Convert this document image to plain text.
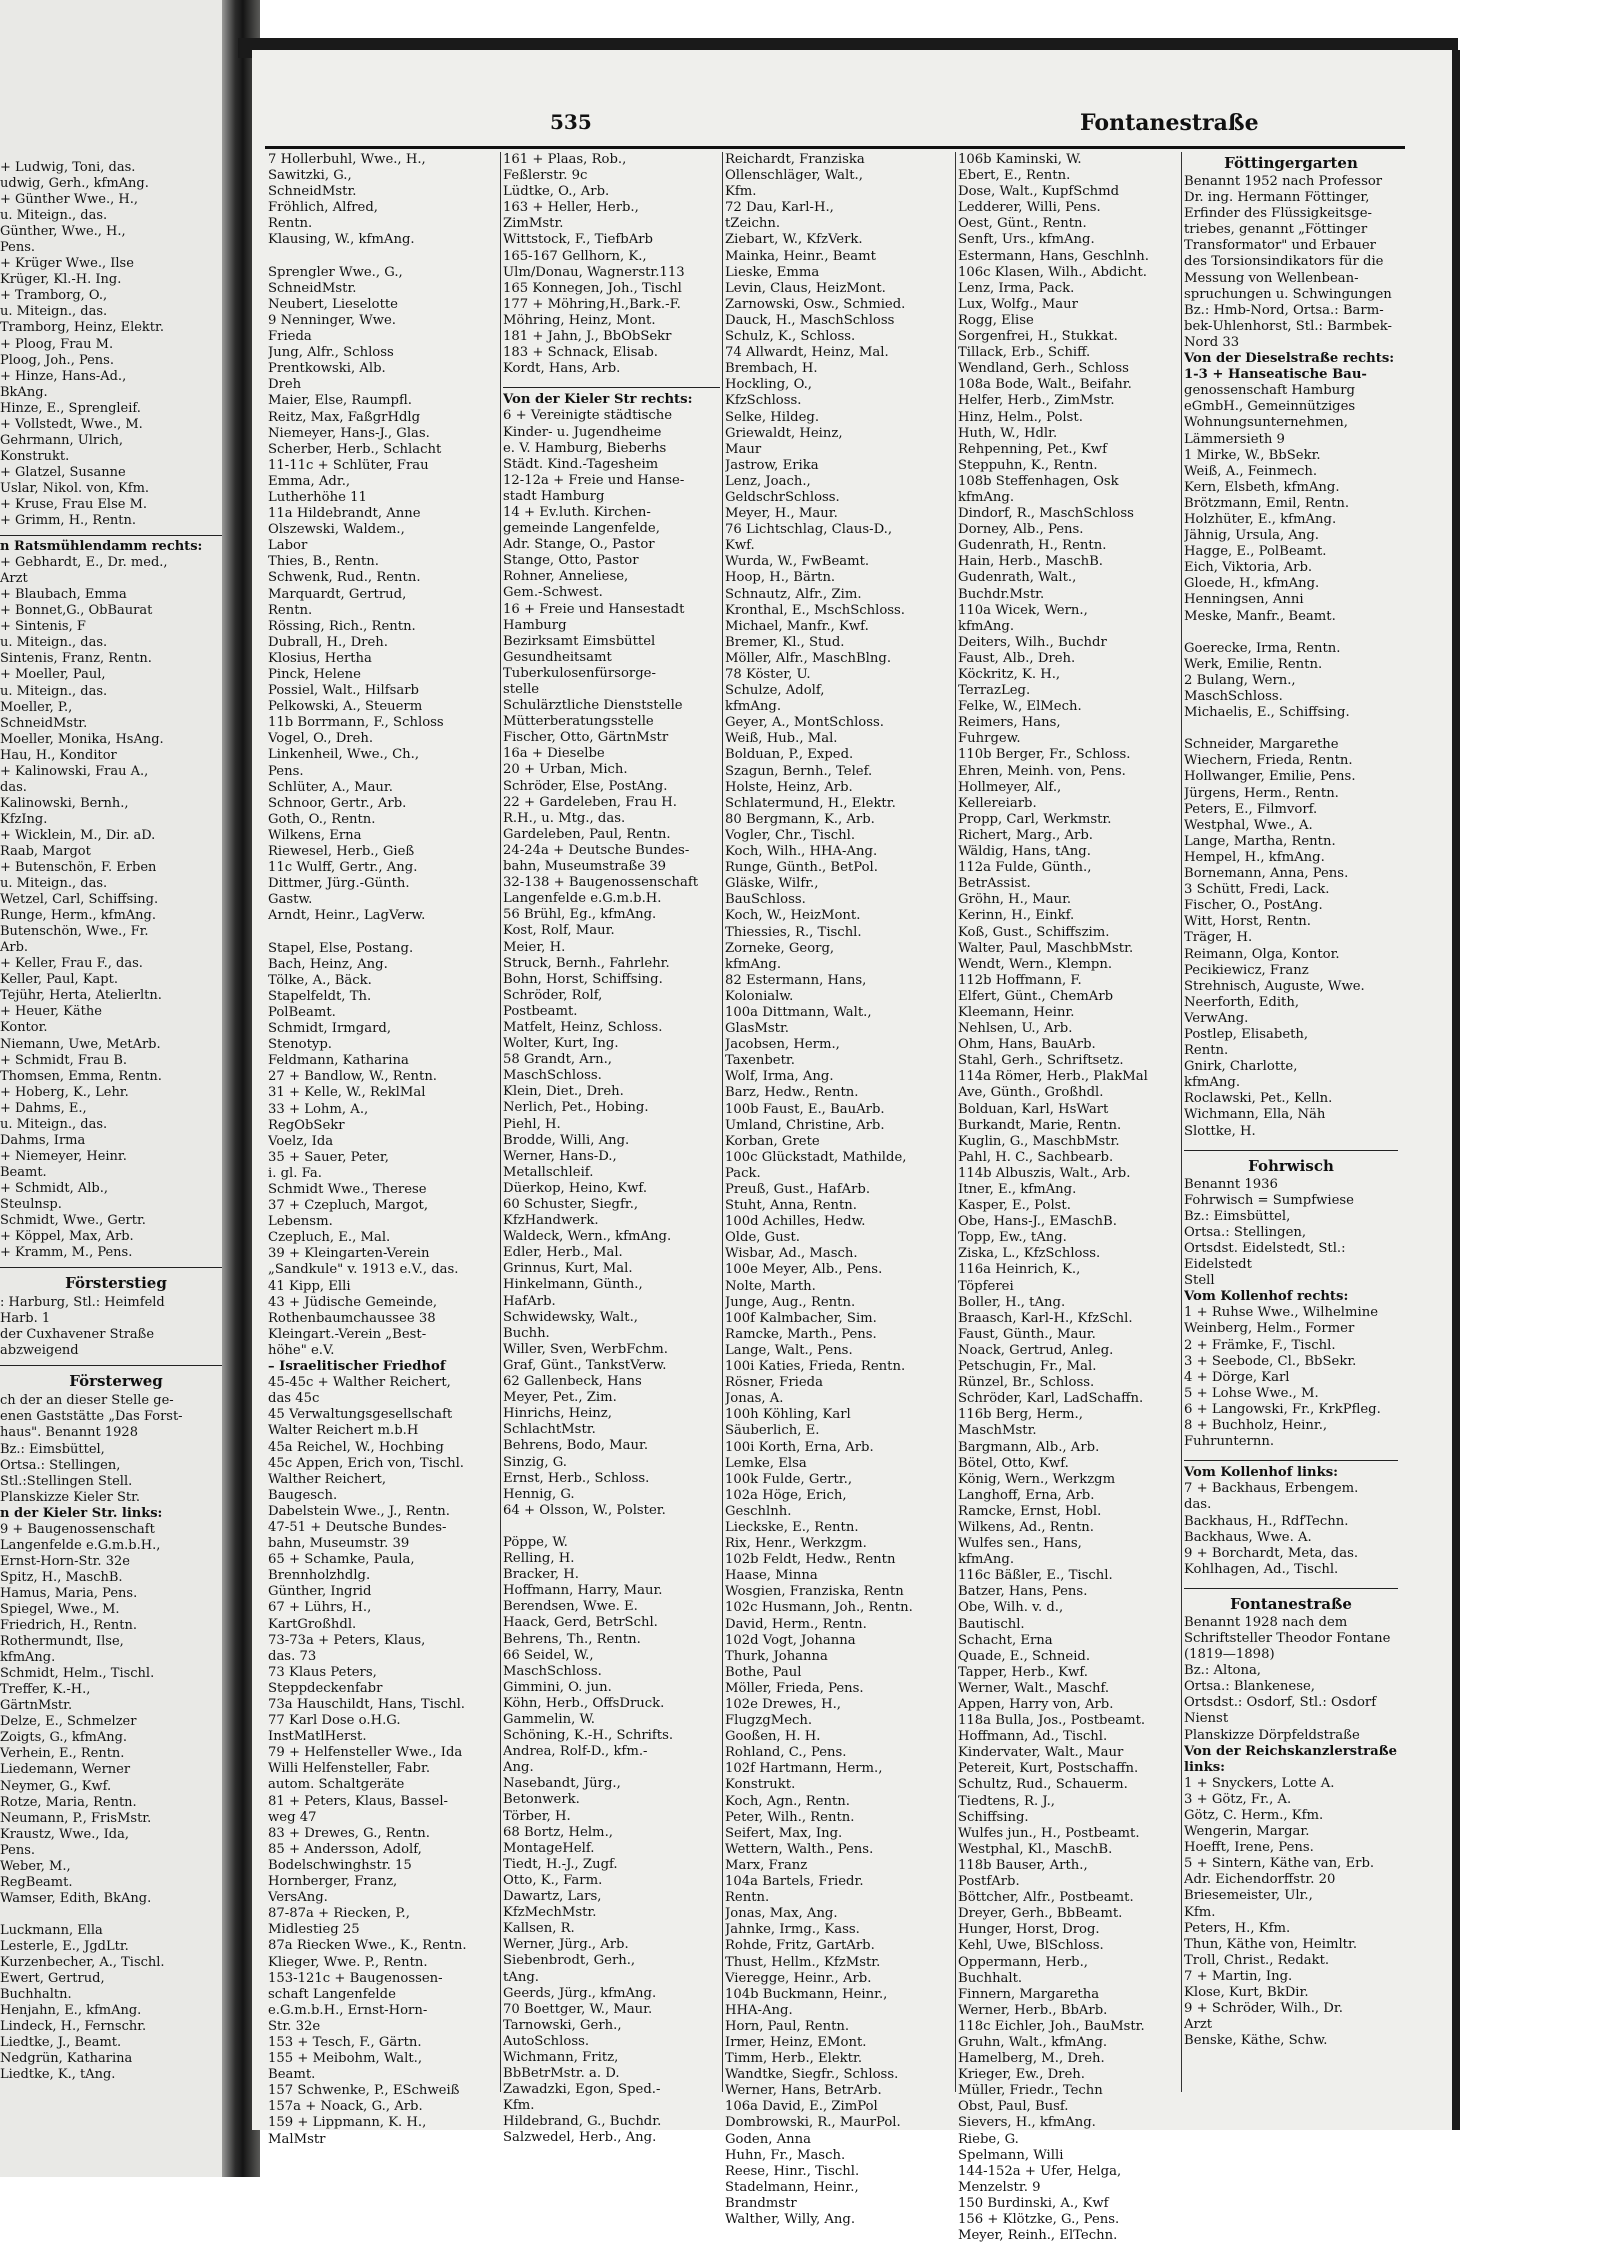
+ Ludwig, Toni, das.
udwig, Gerh., kfmAng.
+ Günther Wwe., H.,
u. Miteign., das.
Günther, Wwe., H.,
Pens.
+ Krüger Wwe., Ilse
Krüger, Kl.-H. Ing.
+ Tramborg, O.,
u. Miteign., das.
Tramborg, Heinz, Elektr.
+ Ploog, Frau M.
Ploog, Joh., Pens.
+ Hinze, Hans-Ad.,
BkAng.
Hinze, E., Sprengleif.
+ Vollstedt, Wwe., M.
Gehrmann, Ulrich,
Konstrukt.
+ Glatzel, Susanne
Uslar, Nikol. von, Kfm.
+ Kruse, Frau Else M.
+ Grimm, H., Rentn.
n Ratsmühlendamm rechts:
+ Gebhardt, E., Dr. med.,
Arzt
+ Blaubach, Emma
+ Bonnet,G., ObBaurat
+ Sintenis, F
u. Miteign., das.
Sintenis, Franz, Rentn.
+ Moeller, Paul,
u. Miteign., das.
Moeller, P.,
SchneidMstr.
Moeller, Monika, HsAng.
Hau, H., Konditor
+ Kalinowski, Frau A.,
das.
Kalinowski, Bernh.,
KfzIng.
+ Wicklein, M., Dir. aD.
Raab, Margot
+ Butenschön, F. Erben
u. Miteign., das.
Wetzel, Carl, Schiffsing.
Runge, Herm., kfmAng.
Butenschön, Wwe., Fr.
Arb.
+ Keller, Frau F., das.
Keller, Paul, Kapt.
Tejühr, Herta, Atelierltn.
+ Heuer, Käthe
Kontor.
Niemann, Uwe, MetArb.
+ Schmidt, Frau B.
Thomsen, Emma, Rentn.
+ Hoberg, K., Lehr.
+ Dahms, E.,
u. Miteign., das.
Dahms, Irma
+ Niemeyer, Heinr.
Beamt.
+ Schmidt, Alb.,
Steulnsp.
Schmidt, Wwe., Gertr.
+ Köppel, Max, Arb.
+ Kramm, M., Pens.
Försterstieg
: Harburg, Stl.: Heimfeld
Harb. 1
der Cuxhavener Straße
abzweigend
Försterweg
ch der an dieser Stelle ge-
enen Gaststätte „Das Forst-
haus". Benannt 1928
Bz.: Eimsbüttel,
Ortsa.: Stellingen,
Stl.:Stellingen Stell.
Planskizze Kieler Str.
n der Kieler Str. links:
9 + Baugenossenschaft
Langenfelde e.G.m.b.H.,
Ernst-Horn-Str. 32e
Spitz, H., MaschB.
Hamus, Maria, Pens.
Spiegel, Wwe., M.
Friedrich, H., Rentn.
Rothermundt, Ilse,
kfmAng.
Schmidt, Helm., Tischl.
Treffer, K.-H.,
GärtnMstr.
Delze, E., Schmelzer
Zoigts, G., kfmAng.
Verhein, E., Rentn.
Liedemann, Werner
Neymer, G., Kwf.
Rotze, Maria, Rentn.
Neumann, P., FrisMstr.
Kraustz, Wwe., Ida,
Pens.
Weber, M.,
RegBeamt.
Wamser, Edith, BkAng.
Luckmann, Ella
Lesterle, E., JgdLtr.
Kurzenbecher, A., Tischl.
Ewert, Gertrud,
Buchhaltn.
Henjahn, E., kfmAng.
Lindeck, H., Fernschr.
Liedtke, J., Beamt.
Nedgrün, Katharina
Liedtke, K., tAng.
535	Fontanestraße
7 Hollerbuhl, Wwe., H.,
Sawitzki, G.,
SchneidMstr.
Fröhlich, Alfred,
Rentn.
Klausing, W., kfmAng.
Sprengler Wwe., G.,
SchneidMstr.
Neubert, Lieselotte
9 Nenninger, Wwe.
Frieda
Jung, Alfr., Schloss
Prentkowski, Alb.
Dreh
Maier, Else, Raumpfl.
Reitz, Max, FaßgrHdlg
Niemeyer, Hans-J., Glas.
Scherber, Herb., Schlacht
11-11c + Schlüter, Frau
Emma, Adr.,
Lutherhöhe 11
11a Hildebrandt, Anne
Olszewski, Waldem.,
Labor
Thies, B., Rentn.
Schwenk, Rud., Rentn.
Marquardt, Gertrud,
Rentn.
Rössing, Rich., Rentn.
Dubrall, H., Dreh.
Klosius, Hertha
Pinck, Helene
Possiel, Walt., Hilfsarb
Pelkowski, A., Steuerm
11b Borrmann, F., Schloss
Vogel, O., Dreh.
Linkenheil, Wwe., Ch.,
Pens.
Schlüter, A., Maur.
Schnoor, Gertr., Arb.
Goth, O., Rentn.
Wilkens, Erna
Riewesel, Herb., Gieß
11c Wulff, Gertr., Ang.
Dittmer, Jürg.-Günth.
Gastw.
Arndt, Heinr., LagVerw.
Stapel, Else, Postang.
Bach, Heinz, Ang.
Tölke, A., Bäck.
Stapelfeldt, Th.
PolBeamt.
Schmidt, Irmgard,
Stenotyp.
Feldmann, Katharina
27 + Bandlow, W., Rentn.
31 + Kelle, W., ReklMal
33 + Lohm, A.,
RegObSekr
Voelz, Ida
35 + Sauer, Peter,
i. gl. Fa.
Schmidt Wwe., Therese
37 + Czepluch, Margot,
Lebensm.
Czepluch, E., Mal.
39 + Kleingarten-Verein
„Sandkule" v. 1913 e.V., das.
41 Kipp, Elli
43 + Jüdische Gemeinde,
Rothenbaumchaussee 38
Kleingart.-Verein „Best-
höhe" e.V.
– Israelitischer Friedhof
45-45c + Walther Reichert,
das 45c
45 Verwaltungsgesellschaft
Walter Reichert m.b.H
45a Reichel, W., Hochbing
45c Appen, Erich von, Tischl.
Walther Reichert,
Baugesch.
Dabelstein Wwe., J., Rentn.
47-51 + Deutsche Bundes-
bahn, Museumstr. 39
65 + Schamke, Paula,
Brennholzhdlg.
Günther, Ingrid
67 + Lührs, H.,
KartGroßhdl.
73-73a + Peters, Klaus,
das. 73
73 Klaus Peters,
Steppdeckenfabr
73a Hauschildt, Hans, Tischl.
77 Karl Dose o.H.G.
InstMatlHerst.
79 + Helfensteller Wwe., Ida
Willi Helfensteller, Fabr.
autom. Schaltgeräte
81 + Peters, Klaus, Bassel-
weg 47
83 + Drewes, G., Rentn.
85 + Andersson, Adolf,
Bodelschwinghstr. 15
Hornberger, Franz,
VersAng.
87-87a + Riecken, P.,
Midlestieg 25
87a Riecken Wwe., K., Rentn.
Klieger, Wwe. P., Rentn.
153-121c + Baugenossen-
schaft Langenfelde
e.G.m.b.H., Ernst-Horn-
Str. 32e
153 + Tesch, F., Gärtn.
155 + Meibohm, Walt.,
Beamt.
157 Schwenke, P., ESchweiß
157a + Noack, G., Arb.
159 + Lippmann, K. H.,
MalMstr
161 + Plaas, Rob.,
Feßlerstr. 9c
Lüdtke, O., Arb.
163 + Heller, Herb.,
ZimMstr.
Wittstock, F., TiefbArb
165-167 Gellhorn, K.,
Ulm/Donau, Wagnerstr.113
165 Konnegen, Joh., Tischl
177 + Möhring,H.,Bark.-F.
Möhring, Heinz, Mont.
181 + Jahn, J., BbObSekr
183 + Schnack, Elisab.
Kordt, Hans, Arb.
Von der Kieler Str rechts:
6 + Vereinigte städtische
Kinder- u. Jugendheime
e. V. Hamburg, Bieberhs
Städt. Kind.-Tagesheim
12-12a + Freie und Hanse-
stadt Hamburg
14 + Ev.luth. Kirchen-
gemeinde Langenfelde,
Adr. Stange, O., Pastor
Stange, Otto, Pastor
Rohner, Anneliese,
Gem.-Schwest.
16 + Freie und Hansestadt
Hamburg
Bezirksamt Eimsbüttel
Gesundheitsamt
Tuberkulosenfürsorge-
stelle
Schulärztliche Dienststelle
Mütterberatungsstelle
Fischer, Otto, GärtnMstr
16a + Dieselbe
20 + Urban, Mich.
Schröder, Else, PostAng.
22 + Gardeleben, Frau H.
R.H., u. Mtg., das.
Gardeleben, Paul, Rentn.
24-24a + Deutsche Bundes-
bahn, Museumstraße 39
32-138 + Baugenossenschaft
Langenfelde e.G.m.b.H.
56 Brühl, Eg., kfmAng.
Kost, Rolf, Maur.
Meier, H.
Struck, Bernh., Fahrlehr.
Bohn, Horst, Schiffsing.
Schröder, Rolf,
Postbeamt.
Matfelt, Heinz, Schloss.
Wolter, Kurt, Ing.
58 Grandt, Arn.,
MaschSchloss.
Klein, Diet., Dreh.
Nerlich, Pet., Hobing.
Piehl, H.
Brodde, Willi, Ang.
Werner, Hans-D.,
Metallschleif.
Düerkop, Heino, Kwf.
60 Schuster, Siegfr.,
KfzHandwerk.
Waldeck, Wern., kfmAng.
Edler, Herb., Mal.
Grinnus, Kurt, Mal.
Hinkelmann, Günth.,
HafArb.
Schwidewsky, Walt.,
Buchh.
Willer, Sven, WerbFchm.
Graf, Günt., TankstVerw.
62 Gallenbeck, Hans
Meyer, Pet., Zim.
Hinrichs, Heinz,
SchlachtMstr.
Behrens, Bodo, Maur.
Sinzig, G.
Ernst, Herb., Schloss.
Hennig, G.
64 + Olsson, W., Polster.
Pöppe, W.
Relling, H.
Bracker, H.
Hoffmann, Harry, Maur.
Berendsen, Wwe. E.
Haack, Gerd, BetrSchl.
Behrens, Th., Rentn.
66 Seidel, W.,
MaschSchloss.
Gimmini, O. jun.
Köhn, Herb., OffsDruck.
Gammelin, W.
Schöning, K.-H., Schrifts.
Andrea, Rolf-D., kfm.-
Ang.
Nasebandt, Jürg.,
Betonwerk.
Törber, H.
68 Bortz, Helm.,
MontageHelf.
Tiedt, H.-J., Zugf.
Otto, K., Farm.
Dawartz, Lars,
KfzMechMstr.
Kallsen, R.
Werner, Jürg., Arb.
Siebenbrodt, Gerh.,
tAng.
Geerds, Jürg., kfmAng.
70 Boettger, W., Maur.
Tarnowski, Gerh.,
AutoSchloss.
Wichmann, Fritz,
BbBetrMstr. a. D.
Zawadzki, Egon, Sped.-
Kfm.
Hildebrand, G., Buchdr.
Salzwedel, Herb., Ang.
Reichardt, Franziska
Ollenschläger, Walt.,
Kfm.
72 Dau, Karl-H.,
tZeichn.
Ziebart, W., KfzVerk.
Mainka, Heinr., Beamt
Lieske, Emma
Levin, Claus, HeizMont.
Zarnowski, Osw., Schmied.
Dauck, H., MaschSchloss
Schulz, K., Schloss.
74 Allwardt, Heinz, Mal.
Brembach, H.
Hockling, O.,
KfzSchloss.
Selke, Hildeg.
Griewaldt, Heinz,
Maur
Jastrow, Erika
Lenz, Joach.,
GeldschrSchloss.
Meyer, H., Maur.
76 Lichtschlag, Claus-D.,
Kwf.
Wurda, W., FwBeamt.
Hoop, H., Bärtn.
Schnautz, Alfr., Zim.
Kronthal, E., MschSchloss.
Michael, Manfr., Kwf.
Bremer, Kl., Stud.
Möller, Alfr., MaschBlng.
78 Köster, U.
Schulze, Adolf,
kfmAng.
Geyer, A., MontSchloss.
Weiß, Hub., Mal.
Bolduan, P., Exped.
Szagun, Bernh., Telef.
Holste, Heinz, Arb.
Schlatermund, H., Elektr.
80 Bergmann, K., Arb.
Vogler, Chr., Tischl.
Koch, Wilh., HHA-Ang.
Runge, Günth., BetPol.
Gläske, Wilfr.,
BauSchloss.
Koch, W., HeizMont.
Thiessies, R., Tischl.
Zorneke, Georg,
kfmAng.
82 Estermann, Hans,
Kolonialw.
100a Dittmann, Walt.,
GlasMstr.
Jacobsen, Herm.,
Taxenbetr.
Wolf, Irma, Ang.
Barz, Hedw., Rentn.
100b Faust, E., BauArb.
Umland, Christine, Arb.
Korban, Grete
100c Glückstadt, Mathilde,
Pack.
Preuß, Gust., HafArb.
Stuht, Anna, Rentn.
100d Achilles, Hedw.
Olde, Gust.
Wisbar, Ad., Masch.
100e Meyer, Alb., Pens.
Nolte, Marth.
Junge, Aug., Rentn.
100f Kalmbacher, Sim.
Ramcke, Marth., Pens.
Lange, Walt., Pens.
100i Katies, Frieda, Rentn.
Rösner, Frieda
Jonas, A.
100h Köhling, Karl
Säuberlich, E.
100i Korth, Erna, Arb.
Lemke, Elsa
100k Fulde, Gertr.,
102a Höge, Erich,
Geschlnh.
Lieckske, E., Rentn.
Rix, Henr., Werkzgm.
102b Feldt, Hedw., Rentn
Haase, Minna
Wosgien, Franziska, Rentn
102c Husmann, Joh., Rentn.
David, Herm., Rentn.
102d Vogt, Johanna
Thurk, Johanna
Bothe, Paul
Möller, Frieda, Pens.
102e Drewes, H.,
FlugzgMech.
Gooßen, H. H.
Rohland, C., Pens.
102f Hartmann, Herm.,
Konstrukt.
Koch, Agn., Rentn.
Peter, Wilh., Rentn.
Seifert, Max, Ing.
Wettern, Walth., Pens.
Marx, Franz
104a Bartels, Friedr.
Rentn.
Jonas, Max, Ang.
Jahnke, Irmg., Kass.
Rohde, Fritz, GartArb.
Thust, Hellm., KfzMstr.
Vieregge, Heinr., Arb.
104b Buckmann, Heinr.,
HHA-Ang.
Horn, Paul, Rentn.
Irmer, Heinz, EMont.
Timm, Herb., Elektr.
Wandtke, Siegfr., Schloss.
Werner, Hans, BetrArb.
106a David, E., ZimPol
Dombrowski, R., MaurPol.
Goden, Anna
Huhn, Fr., Masch.
Reese, Hinr., Tischl.
Stadelmann, Heinr.,
Brandmstr
Walther, Willy, Ang.
106b Kaminski, W.
Ebert, E., Rentn.
Dose, Walt., KupfSchmd
Ledderer, Willi, Pens.
Oest, Günt., Rentn.
Senft, Urs., kfmAng.
Estermann, Hans, Geschlnh.
106c Klasen, Wilh., Abdicht.
Lenz, Irma, Pack.
Lux, Wolfg., Maur
Rogg, Elise
Sorgenfrei, H., Stukkat.
Tillack, Erb., Schiff.
Wendland, Gerh., Schloss
108a Bode, Walt., Beifahr.
Helfer, Herb., ZimMstr.
Hinz, Helm., Polst.
Huth, W., Hdlr.
Rehpenning, Pet., Kwf
Steppuhn, K., Rentn.
108b Steffenhagen, Osk
kfmAng.
Dindorf, R., MaschSchloss
Dorney, Alb., Pens.
Gudenrath, H., Rentn.
Hain, Herb., MaschB.
Gudenrath, Walt.,
Buchdr.Mstr.
110a Wicek, Wern.,
kfmAng.
Deiters, Wilh., Buchdr
Faust, Alb., Dreh.
Köckritz, K. H.,
TerrazLeg.
Felke, W., ElMech.
Reimers, Hans,
Fuhrgew.
110b Berger, Fr., Schloss.
Ehren, Meinh. von, Pens.
Hollmeyer, Alf.,
Kellereiarb.
Propp, Carl, Werkmstr.
Richert, Marg., Arb.
Wäldig, Hans, tAng.
112a Fulde, Günth.,
BetrAssist.
Gröhn, H., Maur.
Kerinn, H., Einkf.
Koß, Gust., Schiffszim.
Walter, Paul, MaschbMstr.
Wendt, Wern., Klempn.
112b Hoffmann, F.
Elfert, Günt., ChemArb
Kleemann, Heinr.
Nehlsen, U., Arb.
Ohm, Hans, BauArb.
Stahl, Gerh., Schriftsetz.
114a Römer, Herb., PlakMal
Ave, Günth., Großhdl.
Bolduan, Karl, HsWart
Burkandt, Marie, Rentn.
Kuglin, G., MaschbMstr.
Pahl, H. C., Sachbearb.
114b Albuszis, Walt., Arb.
Itner, E., kfmAng.
Kasper, E., Polst.
Obe, Hans-J., EMaschB.
Topp, Ew., tAng.
Ziska, L., KfzSchloss.
116a Heinrich, K.,
Töpferei
Boller, H., tAng.
Braasch, Karl-H., KfzSchl.
Faust, Günth., Maur.
Noack, Gertrud, Anleg.
Petschugin, Fr., Mal.
Rünzel, Br., Schloss.
Schröder, Karl, LadSchaffn.
116b Berg, Herm.,
MaschMstr.
Bargmann, Alb., Arb.
Bötel, Otto, Kwf.
König, Wern., Werkzgm
Langhoff, Erna, Arb.
Ramcke, Ernst, Hobl.
Wilkens, Ad., Rentn.
Wulfes sen., Hans,
kfmAng.
116c Bäßler, E., Tischl.
Batzer, Hans, Pens.
Obe, Wilh. v. d.,
Bautischl.
Schacht, Erna
Quade, E., Schneid.
Tapper, Herb., Kwf.
Werner, Walt., Maschf.
Appen, Harry von, Arb.
118a Bulla, Jos., Postbeamt.
Hoffmann, Ad., Tischl.
Kindervater, Walt., Maur
Petereit, Kurt, Postschaffn.
Schultz, Rud., Schauerm.
Tiedtens, R. J.,
Schiffsing.
Wulfes jun., H., Postbeamt.
Westphal, Kl., MaschB.
118b Bauser, Arth.,
PostfArb.
Böttcher, Alfr., Postbeamt.
Dreyer, Gerh., BbBeamt.
Hunger, Horst, Drog.
Kehl, Uwe, BlSchloss.
Oppermann, Herb.,
Buchhalt.
Finnern, Margaretha
Werner, Herb., BbArb.
118c Eichler, Joh., BauMstr.
Gruhn, Walt., kfmAng.
Hamelberg, M., Dreh.
Krieger, Ew., Dreh.
Müller, Friedr., Techn
Obst, Paul, Busf.
Sievers, H., kfmAng.
Riebe, G.
Spelmann, Willi
144-152a + Ufer, Helga,
Menzelstr. 9
150 Burdinski, A., Kwf
156 + Klötzke, G., Pens.
Meyer, Reinh., ElTechn.
Föttingergarten
Benannt 1952 nach Professor
Dr. ing. Hermann Föttinger,
Erfinder des Flüssigkeitsge-
triebes, genannt „Föttinger
Transformator" und Erbauer
des Torsionsindikators für die
Messung von Wellenbean-
spruchungen u. Schwingungen
Bz.: Hmb-Nord, Ortsa.: Barm-
bek-Uhlenhorst, Stl.: Barmbek-
Nord 33
Von der Dieselstraße rechts:
1-3 + Hanseatische Bau-
genossenschaft Hamburg
eGmbH., Gemeinnütziges
Wohnungsunternehmen,
Lämmersieth 9
1 Mirke, W., BbSekr.
Weiß, A., Feinmech.
Kern, Elsbeth, kfmAng.
Brötzmann, Emil, Rentn.
Holzhüter, E., kfmAng.
Jähnig, Ursula, Ang.
Hagge, E., PolBeamt.
Eich, Viktoria, Arb.
Gloede, H., kfmAng.
Henningsen, Anni
Meske, Manfr., Beamt.
Goerecke, Irma, Rentn.
Werk, Emilie, Rentn.
2 Bulang, Wern.,
MaschSchloss.
Michaelis, E., Schiffsing.
Schneider, Margarethe
Wiechern, Frieda, Rentn.
Hollwanger, Emilie, Pens.
Jürgens, Herm., Rentn.
Peters, E., Filmvorf.
Westphal, Wwe., A.
Lange, Martha, Rentn.
Hempel, H., kfmAng.
Bornemann, Anna, Pens.
3 Schütt, Fredi, Lack.
Fischer, O., PostAng.
Witt, Horst, Rentn.
Träger, H.
Reimann, Olga, Kontor.
Pecikiewicz, Franz
Strehnisch, Auguste, Wwe.
Neerforth, Edith,
VerwAng.
Postlep, Elisabeth,
Rentn.
Gnirk, Charlotte,
kfmAng.
Roclawski, Pet., Kelln.
Wichmann, Ella, Näh
Slottke, H.
Fohrwisch
Benannt 1936
Fohrwisch = Sumpfwiese
Bz.: Eimsbüttel,
Ortsa.: Stellingen,
Ortsdst. Eidelstedt, Stl.:
Eidelstedt
Stell
Vom Kollenhof rechts:
1 + Ruhse Wwe., Wilhelmine
Weinberg, Helm., Former
2 + Främke, F., Tischl.
3 + Seebode, Cl., BbSekr.
4 + Dörge, Karl
5 + Lohse Wwe., M.
6 + Langowski, Fr., KrkPfleg.
8 + Buchholz, Heinr.,
Fuhrunternn.
Vom Kollenhof links:
7 + Backhaus, Erbengem.
das.
Backhaus, H., RdfTechn.
Backhaus, Wwe. A.
9 + Borchardt, Meta, das.
Kohlhagen, Ad., Tischl.
Fontanestraße
Benannt 1928 nach dem
Schriftsteller Theodor Fontane
(1819—1898)
Bz.: Altona,
Ortsa.: Blankenese,
Ortsdst.: Osdorf, Stl.: Osdorf
Nienst
Planskizze Dörpfeldstraße
Von der Reichskanzlerstraße
links:
1 + Snyckers, Lotte A.
3 + Götz, Fr., A.
Götz, C. Herm., Kfm.
Wengerin, Margar.
Hoefft, Irene, Pens.
5 + Sintern, Käthe van, Erb.
Adr. Eichendorffstr. 20
Briesemeister, Ulr.,
Kfm.
Peters, H., Kfm.
Thun, Käthe von, Heimltr.
Troll, Christ., Redakt.
7 + Martin, Ing.
Klose, Kurt, BkDir.
9 + Schröder, Wilh., Dr.
Arzt
Benske, Käthe, Schw.
